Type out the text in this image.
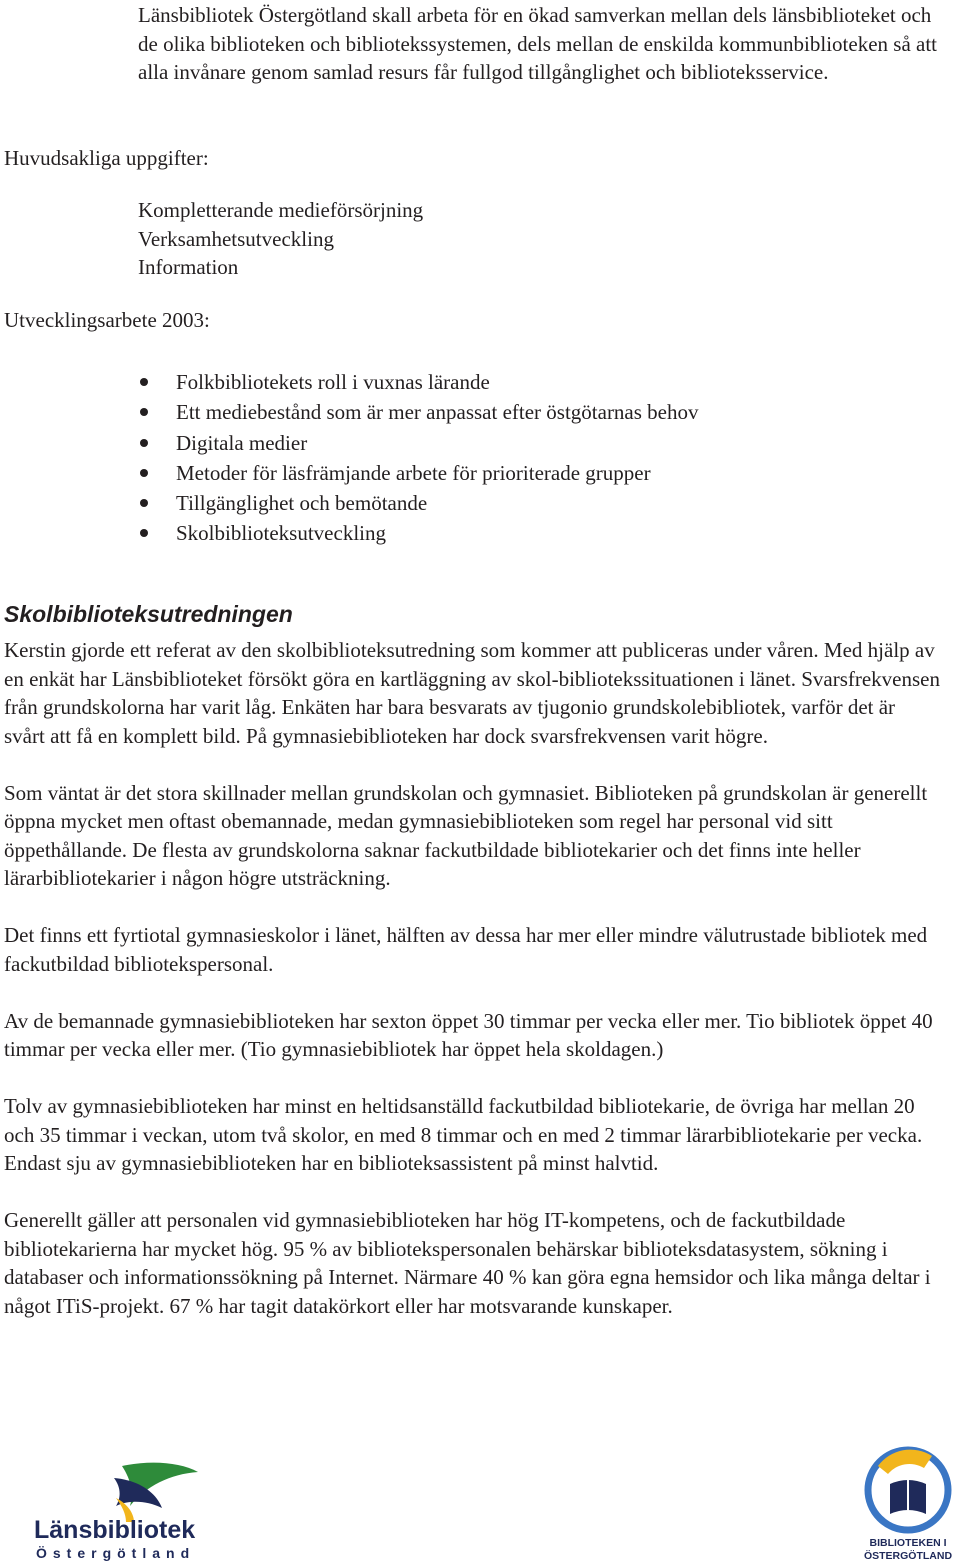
Länsbibliotek Östergötland skall arbeta för en ökad samverkan mellan dels länsbiblioteket och de olika biblioteken och bibliotekssystemen, dels mellan de enskilda kommunbiblioteken så att alla invånare genom samlad resurs får fullgod tillgånglighet och biblioteksservice.
Huvudsakliga uppgifter:
Kompletterande medieförsörjning
Verksamhetsutveckling
Information
Utvecklingsarbete 2003:
Folkbibliotekets roll i vuxnas lärande
Ett mediebestånd som är mer anpassat efter östgötarnas behov
Digitala medier
Metoder för läsfrämjande arbete för prioriterade grupper
Tillgänglighet och bemötande
Skolbiblioteksutveckling
Skolbiblioteksutredningen

Kerstin gjorde ett referat av den skolbiblioteksutredning som kommer att publiceras under våren. Med hjälp av en enkät har Länsbiblioteket försökt göra en kartläggning av skol-bibliotekssituationen i länet. Svarsfrekvensen från grundskolorna har varit låg. Enkäten har bara besvarats av tjugonio grundskolebibliotek, varför det är svårt att få en komplett bild. På gymnasiebiblioteken har dock svarsfrekvensen varit högre.

Som väntat är det stora skillnader mellan grundskolan och gymnasiet. Biblioteken på grundskolan är generellt öppna mycket men oftast obemannade, medan gymnasiebiblioteken som regel har personal vid sitt öppethållande. De flesta av grundskolorna saknar fackutbildade bibliotekarier och det finns inte heller lärarbibliotekarier i någon högre utsträckning.

Det finns ett fyrtiotal gymnasieskolor i länet, hälften av dessa har mer eller mindre välutrustade bibliotek med fackutbildad bibliotekspersonal.

Av de bemannade gymnasiebiblioteken har sexton öppet 30 timmar per vecka eller mer. Tio bibliotek öppet 40 timmar per vecka eller mer. (Tio gymnasiebibliotek har öppet hela skoldagen.)

Tolv av gymnasiebiblioteken har minst en heltidsanställd fackutbildad bibliotekarie, de övriga har mellan 20 och 35 timmar i veckan, utom två skolor, en med 8 timmar och en med 2 timmar lärarbibliotekarie per vecka. Endast sju av gymnasiebiblioteken har en biblioteksassistent på minst halvtid.

Generellt gäller att personalen vid gymnasiebiblioteken har hög IT-kompetens, och de fackutbildade bibliotekarierna har mycket hög. 95 % av bibliotekspersonalen behärskar biblioteksdatasystem, sökning i databaser och informationssökning på Internet. Närmare 40 % kan göra egna hemsidor och lika många deltar i något ITiS-projekt. 67 % har tagit datakörkort eller har motsvarande kunskaper.

Länsbibliotek
Östergötland
BIBLIOTEKEN I
ÖSTERGÖTLAND
